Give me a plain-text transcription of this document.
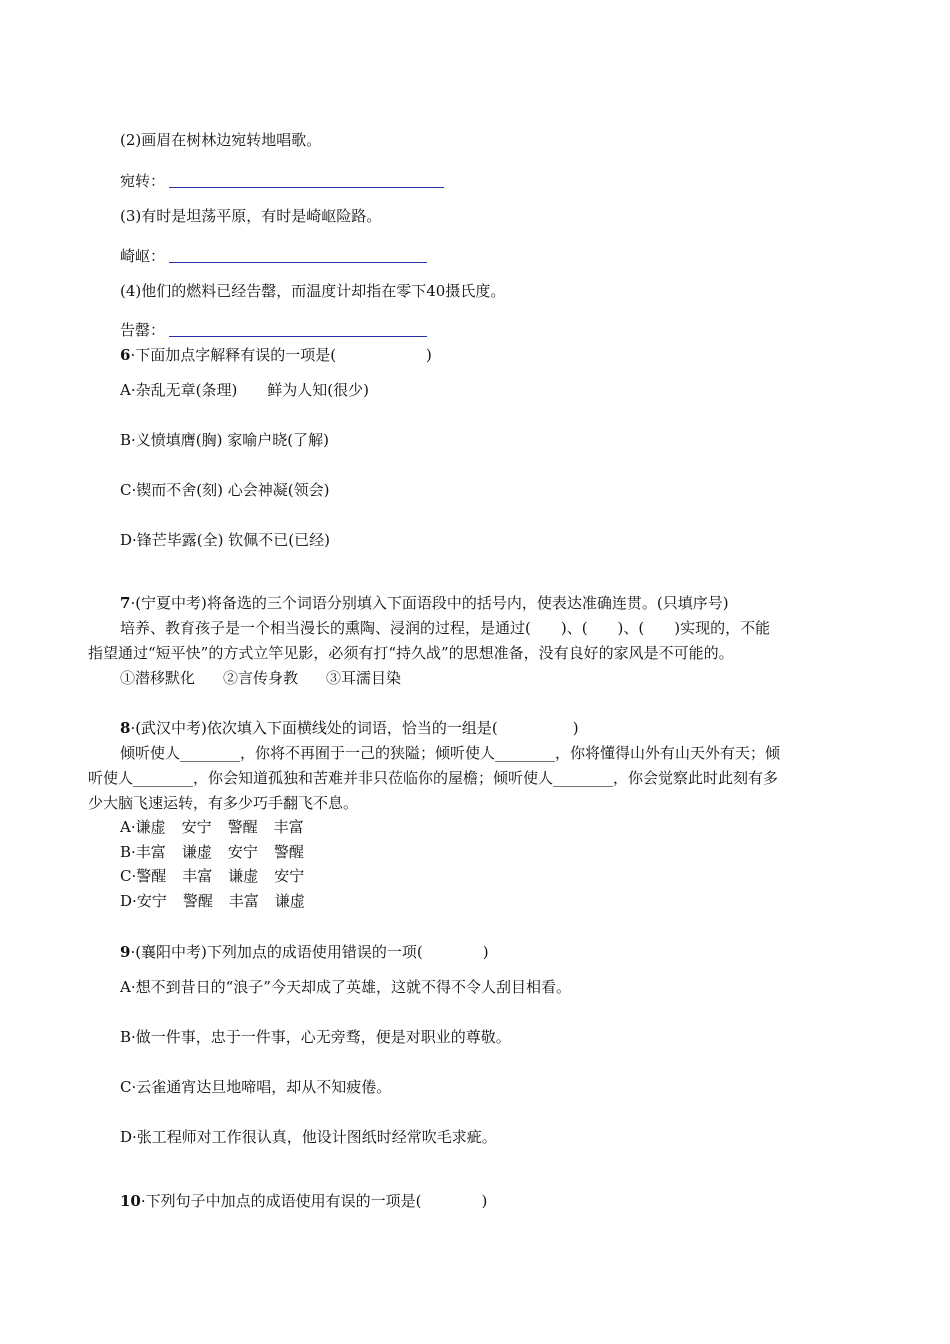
(2)画眉在树林边宛转地唱歌。
宛转：
(3)有时是坦荡平原，有时是崎岖险路。
崎岖：
(4)他们的燃料已经告罄，而温度计却指在零下40摄氏度。
告罄：
6·下面加点字解释有误的一项是(　　　　　　)
A·杂乱无章(条理)　　鲜为人知(很少)
B·义愤填膺(胸) 家喻户晓(了解)
C·锲而不舍(刻) 心会神凝(领会)
D·锋芒毕露(全) 钦佩不已(已经)
7·(宁夏中考)将备选的三个词语分别填入下面语段中的括号内，使表达准确连贯。(只填序号)
培养、教育孩子是一个相当漫长的熏陶、浸润的过程，是通过(　　)、(　　)、(　　)实现的，不能
指望通过“短平快”的方式立竿见影，必须有打“持久战”的思想准备，没有良好的家风是不可能的。
①潜移默化 ②言传身教 ③耳濡目染
8·(武汉中考)依次填入下面横线处的词语，恰当的一组是(　　　　　)
倾听使人________，你将不再囿于一己的狭隘；倾听使人________，你将懂得山外有山天外有天；倾
听使人________，你会知道孤独和苦难并非只莅临你的屋檐；倾听使人________，你会觉察此时此刻有多
少大脑飞速运转，有多少巧手翻飞不息。
A·谦虚 安宁 警醒 丰富
B·丰富 谦虚 安宁 警醒
C·警醒 丰富 谦虚 安宁
D·安宁 警醒 丰富 谦虚
9·(襄阳中考)下列加点的成语使用错误的一项(　　　　)
A·想不到昔日的“浪子”今天却成了英雄，这就不得不令人刮目相看。
B·做一件事，忠于一件事，心无旁骛，便是对职业的尊敬。
C·云雀通宵达旦地啼唱，却从不知疲倦。
D·张工程师对工作很认真，他设计图纸时经常吹毛求疵。
10·下列句子中加点的成语使用有误的一项是(　　　　)
